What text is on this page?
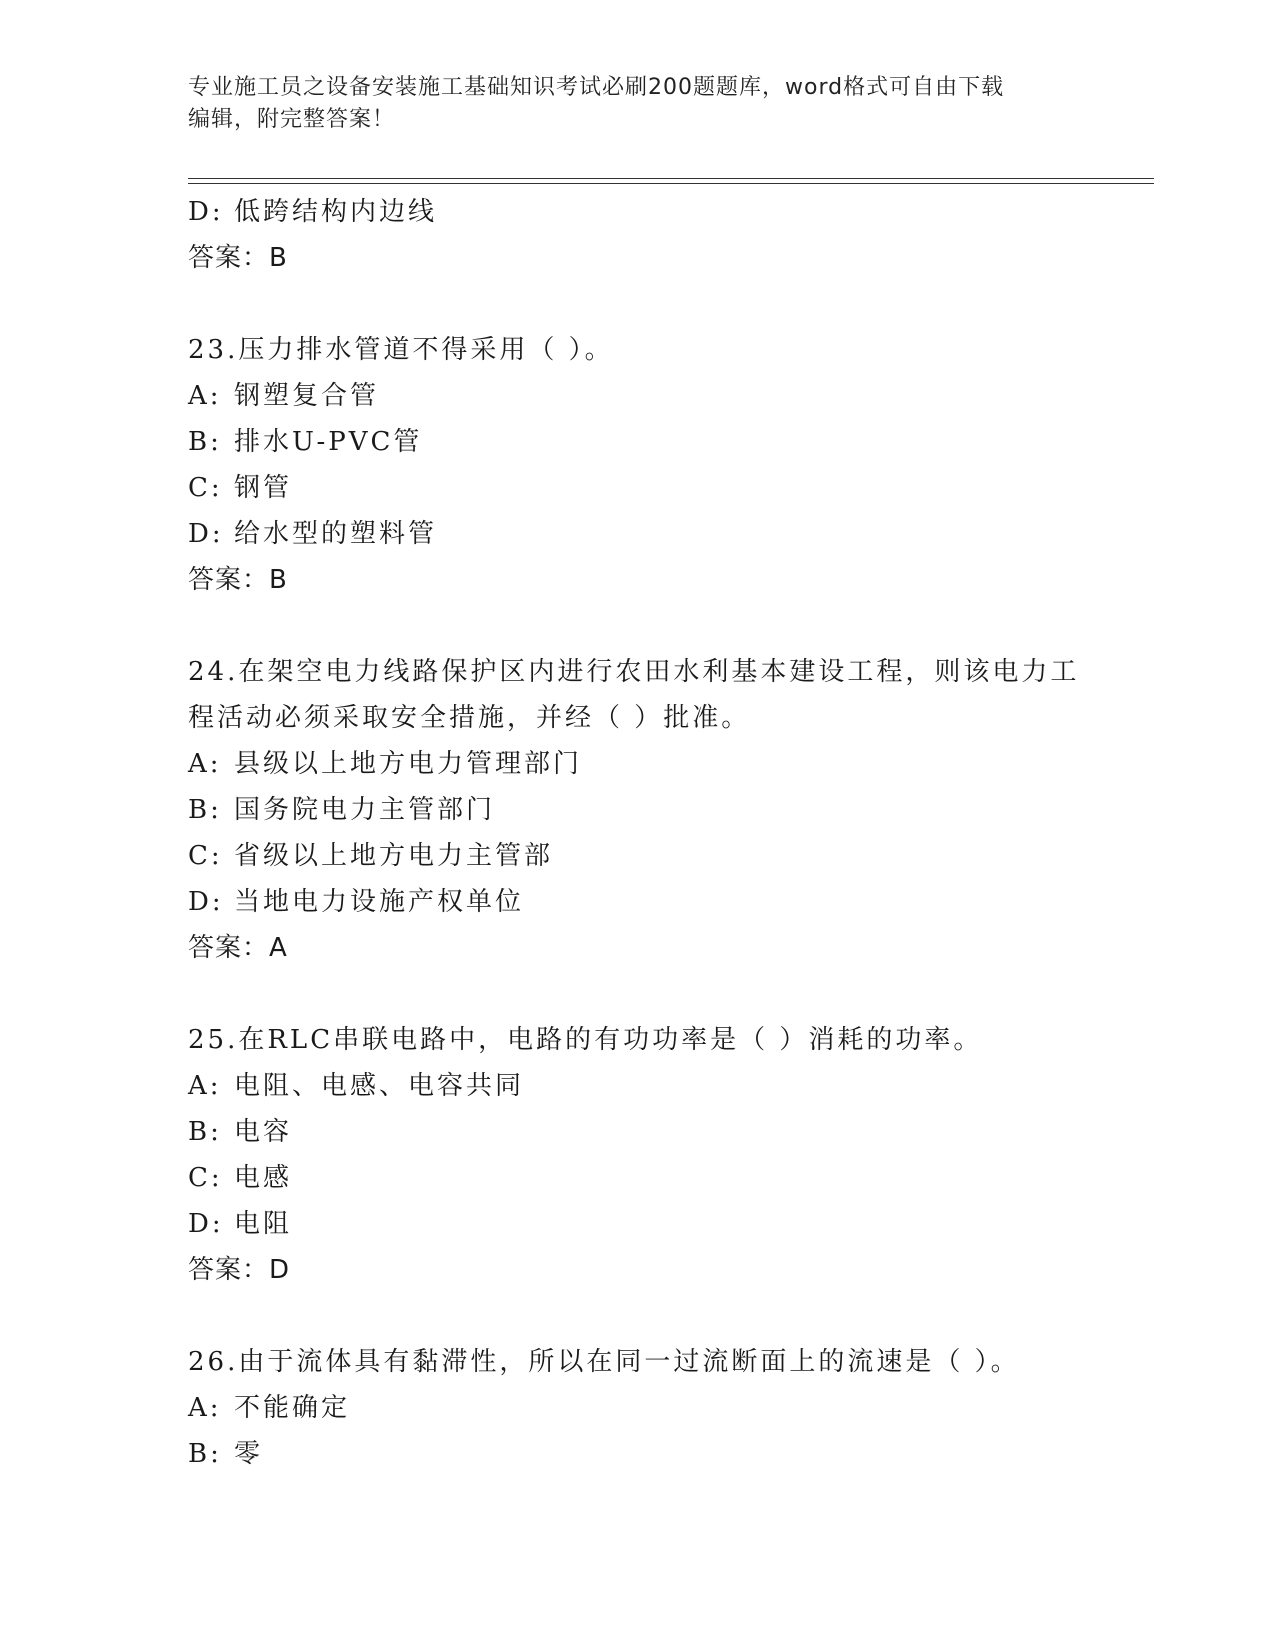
专业施工员之设备安装施工基础知识考试必刷200题题库，word格式可自由下载
编辑，附完整答案！
D: 低跨结构内边线
答案：B
23.压力排水管道不得采用（ ）。
A: 钢塑复合管
B: 排水U-PVC管
C: 钢管
D: 给水型的塑料管
答案：B
24.在架空电力线路保护区内进行农田水利基本建设工程，则该电力工
程活动必须采取安全措施，并经（ ）批准。
A: 县级以上地方电力管理部门
B: 国务院电力主管部门
C: 省级以上地方电力主管部
D: 当地电力设施产权单位
答案：A
25.在RLC串联电路中，电路的有功功率是（ ）消耗的功率。
A: 电阻、电感、电容共同
B: 电容
C: 电感
D: 电阻
答案：D
26.由于流体具有黏滞性，所以在同一过流断面上的流速是（ ）。
A: 不能确定
B: 零
